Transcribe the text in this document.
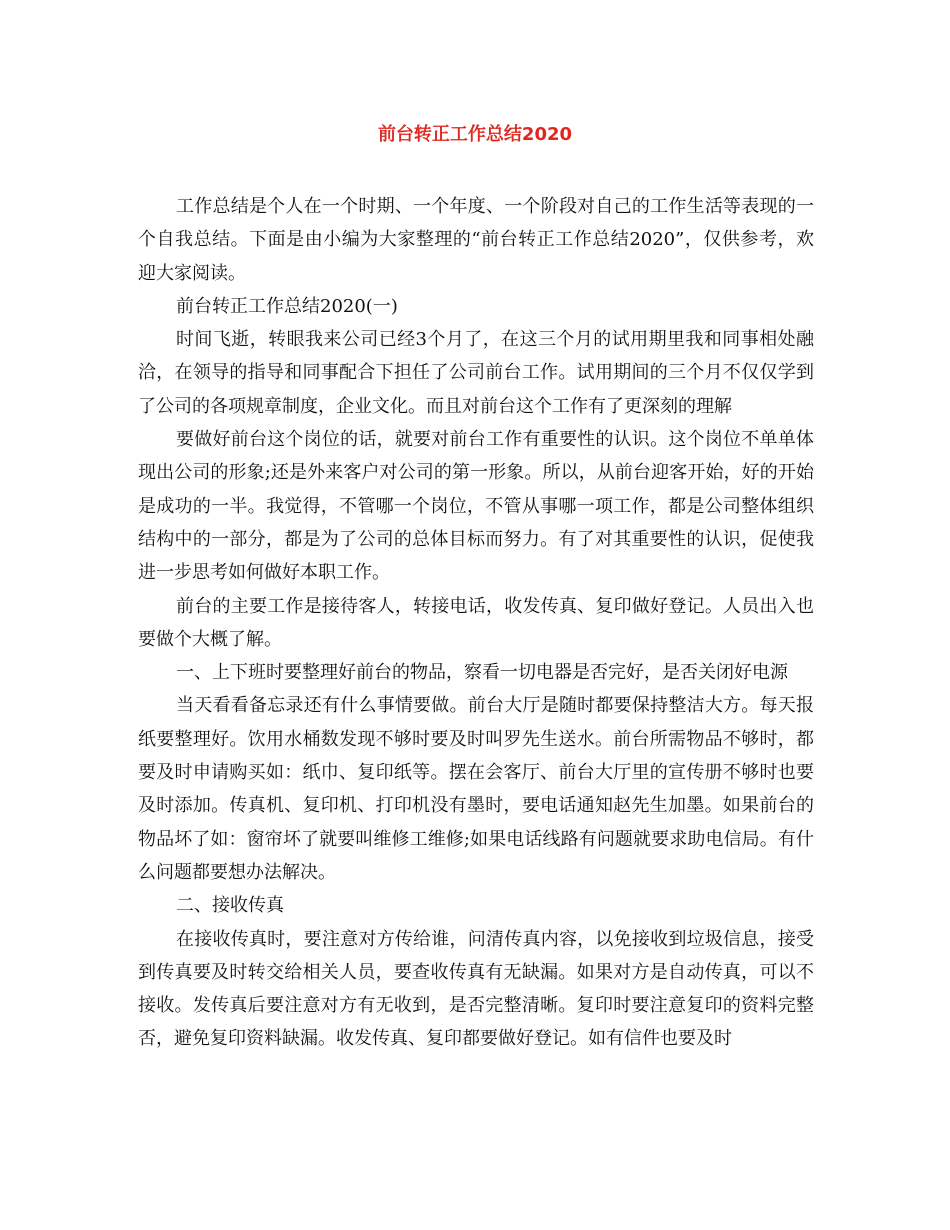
前台转正工作总结2020

工作总结是个人在一个时期、一个年度、一个阶段对自己的工作生活等表现的一个自我总结。下面是由小编为大家整理的“前台转正工作总结2020”，仅供参考，欢迎大家阅读。

前台转正工作总结2020(一)

时间飞逝，转眼我来公司已经3个月了，在这三个月的试用期里我和同事相处融洽，在领导的指导和同事配合下担任了公司前台工作。试用期间的三个月不仅仅学到了公司的各项规章制度，企业文化。而且对前台这个工作有了更深刻的理解

要做好前台这个岗位的话，就要对前台工作有重要性的认识。这个岗位不单单体现出公司的形象;还是外来客户对公司的第一形象。所以，从前台迎客开始，好的开始是成功的一半。我觉得，不管哪一个岗位，不管从事哪一项工作，都是公司整体组织结构中的一部分，都是为了公司的总体目标而努力。有了对其重要性的认识，促使我进一步思考如何做好本职工作。

前台的主要工作是接待客人，转接电话，收发传真、复印做好登记。人员出入也要做个大概了解。

一、上下班时要整理好前台的物品，察看一切电器是否完好，是否关闭好电源

当天看看备忘录还有什么事情要做。前台大厅是随时都要保持整洁大方。每天报纸要整理好。饮用水桶数发现不够时要及时叫罗先生送水。前台所需物品不够时，都要及时申请购买如：纸巾、复印纸等。摆在会客厅、前台大厅里的宣传册不够时也要及时添加。传真机、复印机、打印机没有墨时，要电话通知赵先生加墨。如果前台的物品坏了如：窗帘坏了就要叫维修工维修;如果电话线路有问题就要求助电信局。有什么问题都要想办法解决。

二、接收传真

在接收传真时，要注意对方传给谁，问清传真内容，以免接收到垃圾信息，接受到传真要及时转交给相关人员，要查收传真有无缺漏。如果对方是自动传真，可以不接收。发传真后要注意对方有无收到，是否完整清晰。复印时要注意复印的资料完整否，避免复印资料缺漏。收发传真、复印都要做好登记。如有信件也要及时
